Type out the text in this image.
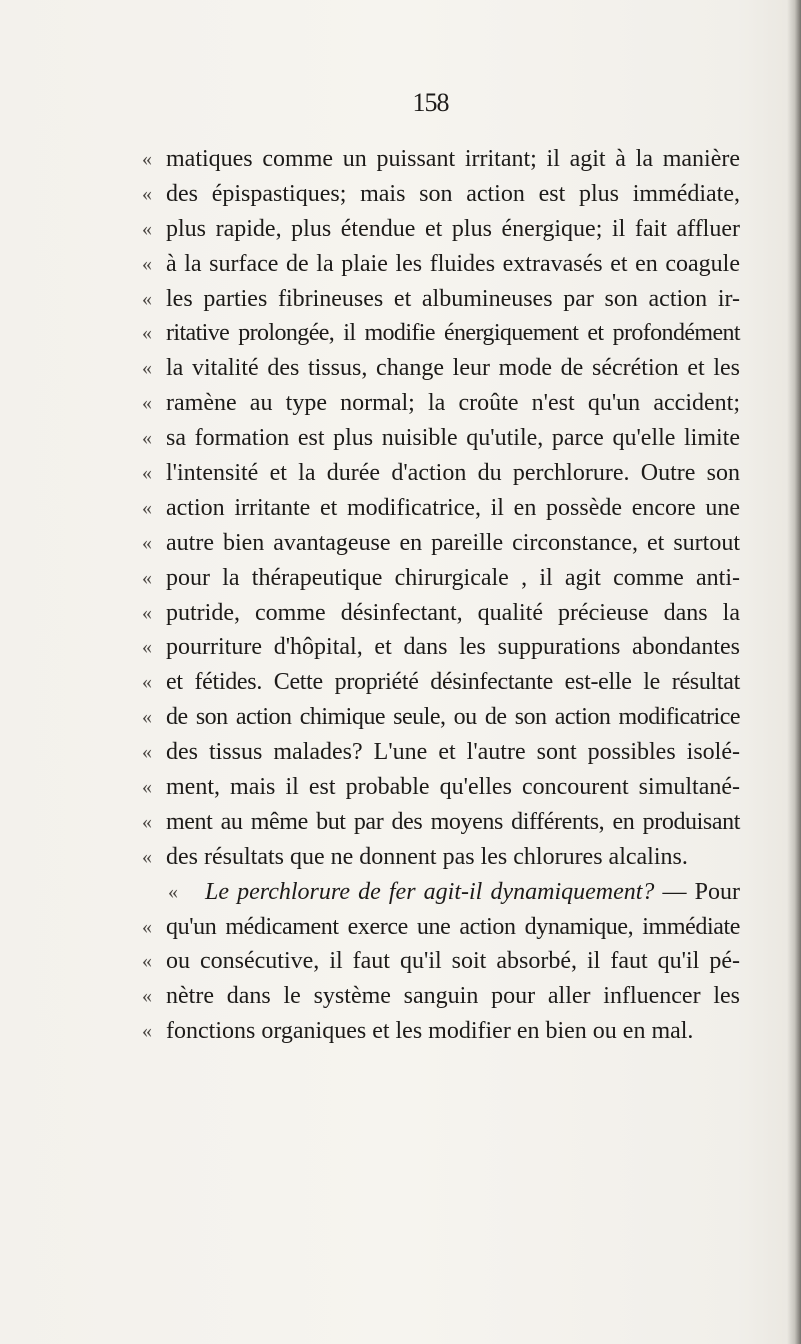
158
« matiques comme un puissant irritant; il agit à la manière
« des épispastiques; mais son action est plus immédiate,
« plus rapide, plus étendue et plus énergique; il fait affluer
« à la surface de la plaie les fluides extravasés et en coagule
« les parties fibrineuses et albumineuses par son action ir-
« ritative prolongée, il modifie énergiquement et profondément
« la vitalité des tissus, change leur mode de sécrétion et les
« ramène au type normal; la croûte n'est qu'un accident;
« sa formation est plus nuisible qu'utile, parce qu'elle limite
« l'intensité et la durée d'action du perchlorure. Outre son
« action irritante et modificatrice, il en possède encore une
« autre bien avantageuse en pareille circonstance, et surtout
« pour la thérapeutique chirurgicale , il agit comme anti-
« putride, comme désinfectant, qualité précieuse dans la
« pourriture d'hôpital, et dans les suppurations abondantes
« et fétides. Cette propriété désinfectante est-elle le résultat
« de son action chimique seule, ou de son action modificatrice
« des tissus malades? L'une et l'autre sont possibles isolé-
« ment, mais il est probable qu'elles concourent simultané-
« ment au même but par des moyens différents, en produisant
« des résultats que ne donnent pas les chlorures alcalins.
«	Le perchlorure de fer agit-il dynamiquement? — Pour
« qu'un médicament exerce une action dynamique, immédiate
« ou consécutive, il faut qu'il soit absorbé, il faut qu'il pé-
« nètre dans le système sanguin pour aller influencer les
« fonctions organiques et les modifier en bien ou en mal.
